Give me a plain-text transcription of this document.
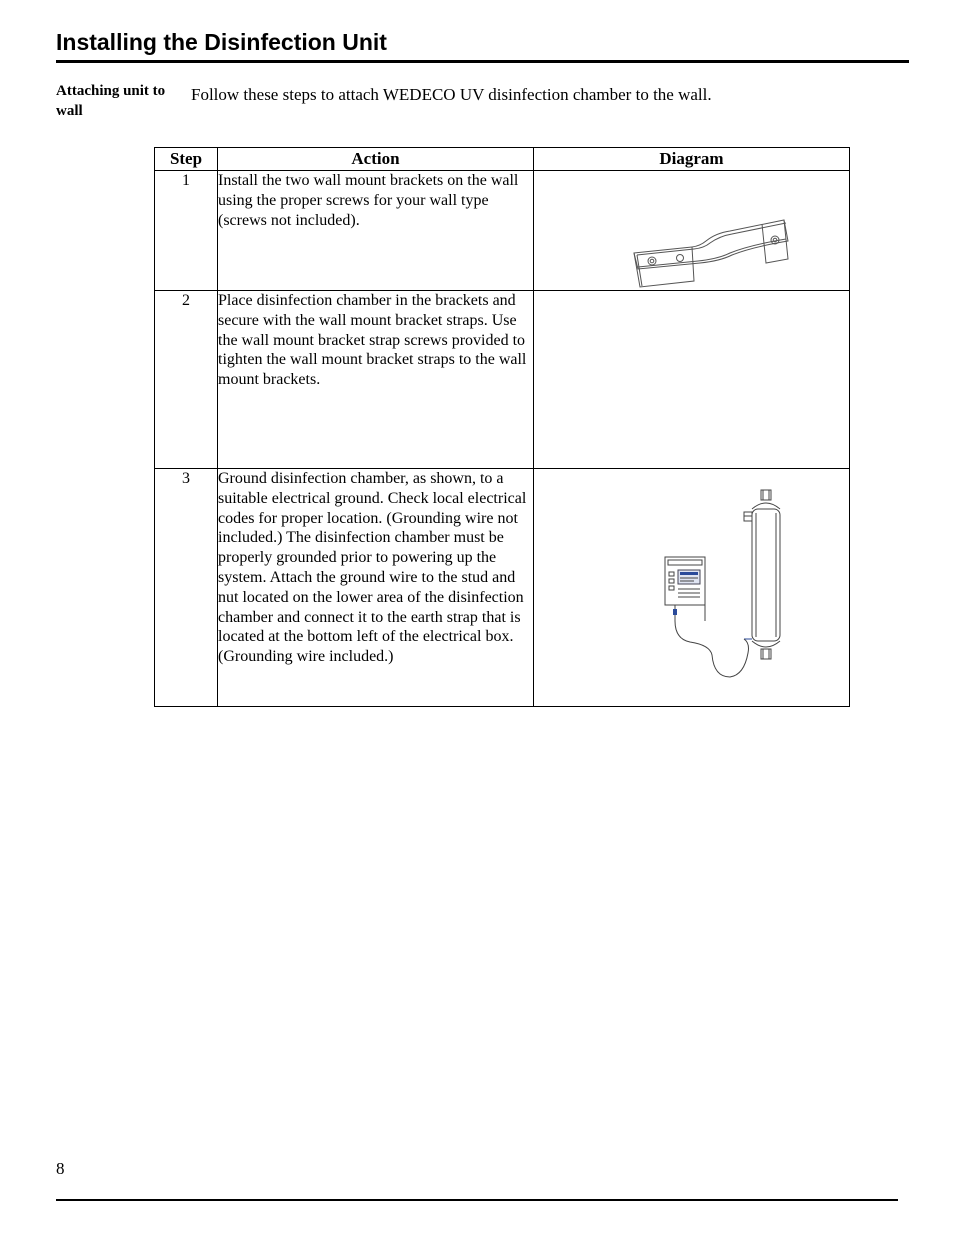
Installing the Disinfection Unit
Attaching unit to wall
Follow these steps to attach WEDECO UV disinfection chamber to the wall.
Step	Action	Diagram
1	Install the two wall mount brackets on the wall using the proper screws for your wall type (screws not included).	

2	Place disinfection chamber in the brackets and secure with the wall mount bracket straps. Use the wall mount bracket strap screws provided to tighten the wall mount bracket straps to the wall mount brackets.	
3	Ground disinfection chamber, as shown, to a suitable electrical ground. Check local electrical codes for proper location. (Grounding wire not included.) The disinfection chamber must be properly grounded prior to powering up the system. Attach the ground wire to the stud and nut located on the lower area of the disinfection chamber and connect it to the earth strap that is located at the bottom left of the electrical box. (Grounding wire included.)	
8
